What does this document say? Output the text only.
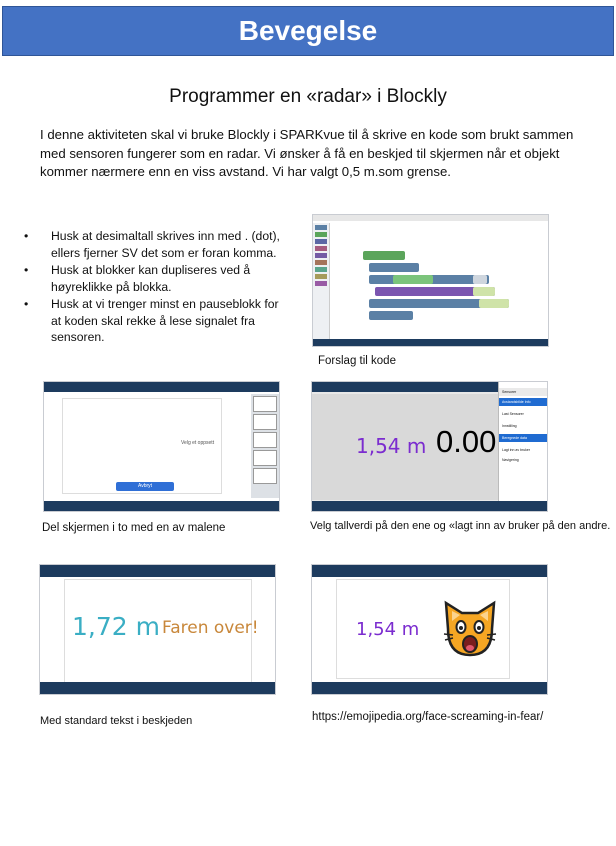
Bevegelse
Programmer en «radar» i Blockly

I denne aktiviteten skal vi bruke Blockly i SPARKvue til å skrive en kode som brukt sammen med sensoren fungerer som en radar. Vi ønsker å få en beskjed til skjermen når et objekt kommer nærmere enn en viss avstand. Vi har valgt 0,5 m.som grense.

• Husk at desimaltall skrives inn med . (dot), ellers fjerner SV det som er foran komma.
• Husk at blokker kan dupliseres ved å høyreklikke på blokka.
• Husk at vi trenger minst en pauseblokk for at koden skal rekke å lese signalet fra sensoren.
Forslag til kode
Velg et oppsett
Avbryt
Del skjermen i to med en av malene
1,54 m 0.00
Sensorer
Avstandsbilde Info
Last Sensorer
Innstilling
Beregnede data
Lagt inn av bruker
Navigering
Velg tallverdi på den ene og «lagt inn av bruker på den andre.
1,72 m Faren over!
Med standard tekst i beskjeden
1,54 m
https://emojipedia.org/face-screaming-in-fear/
